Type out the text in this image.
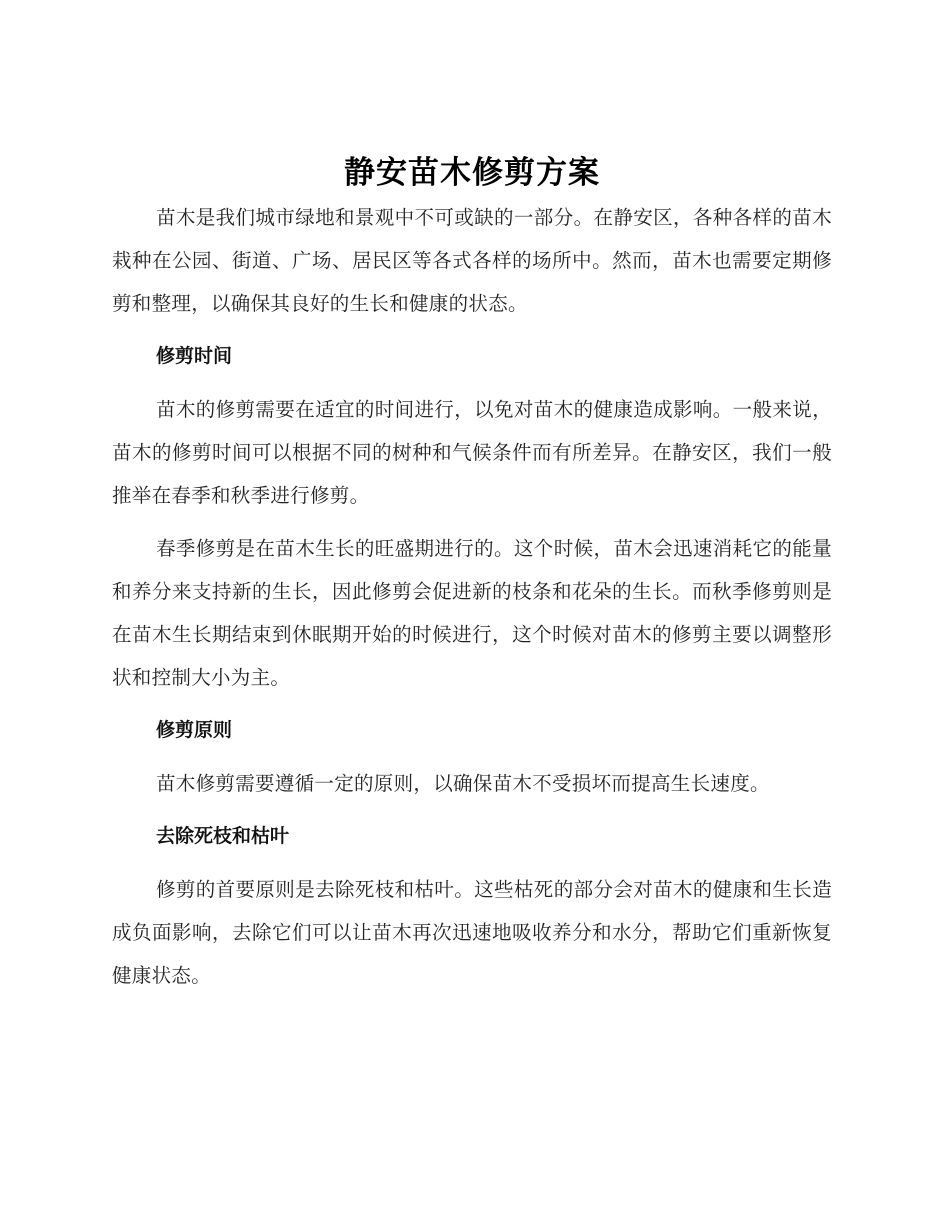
静安苗木修剪方案

苗木是我们城市绿地和景观中不可或缺的一部分。在静安区，各种各样的苗木栽种在公园、街道、广场、居民区等各式各样的场所中。然而，苗木也需要定期修剪和整理，以确保其良好的生长和健康的状态。

修剪时间

苗木的修剪需要在适宜的时间进行，以免对苗木的健康造成影响。一般来说，苗木的修剪时间可以根据不同的树种和气候条件而有所差异。在静安区，我们一般推举在春季和秋季进行修剪。

春季修剪是在苗木生长的旺盛期进行的。这个时候，苗木会迅速消耗它的能量和养分来支持新的生长，因此修剪会促进新的枝条和花朵的生长。而秋季修剪则是在苗木生长期结束到休眠期开始的时候进行，这个时候对苗木的修剪主要以调整形状和控制大小为主。

修剪原则

苗木修剪需要遵循一定的原则，以确保苗木不受损坏而提高生长速度。

去除死枝和枯叶

修剪的首要原则是去除死枝和枯叶。这些枯死的部分会对苗木的健康和生长造成负面影响，去除它们可以让苗木再次迅速地吸收养分和水分，帮助它们重新恢复健康状态。
